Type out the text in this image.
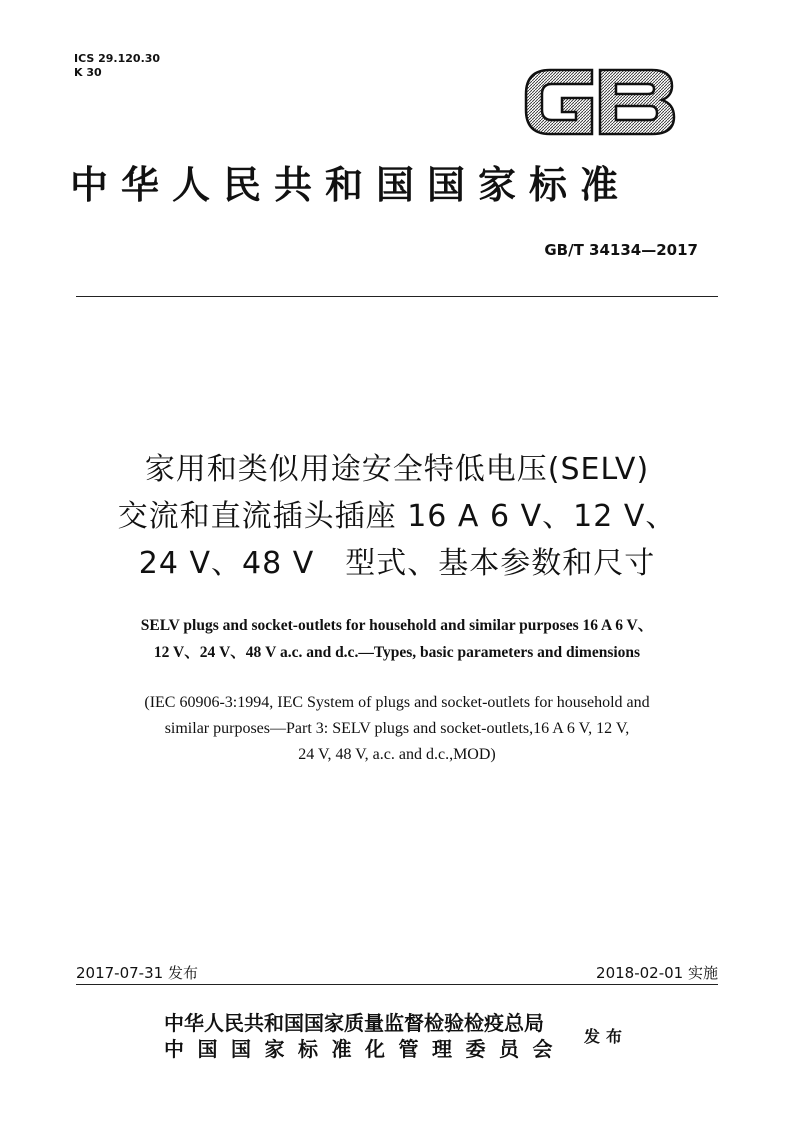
ICS 29.120.30
K 30
GB
中华人民共和国国家标准
GB/T 34134—2017
家用和类似用途安全特低电压(SELV)
交流和直流插头插座 16 A 6 V、12 V、
24 V、48 V　型式、基本参数和尺寸
SELV plugs and socket-outlets for household and similar purposes 16 A 6 V、
12 V、24 V、48 V a.c. and d.c.—Types, basic parameters and dimensions
(IEC 60906-3:1994, IEC System of plugs and socket-outlets for household and
similar purposes—Part 3: SELV plugs and socket-outlets,16 A 6 V, 12 V,
24 V, 48 V, a.c. and d.c.,MOD)
2017-07-31 发布	2018-02-01 实施
中华人民共和国国家质量监督检验检疫总局
中国国家标准化管理委员会
发布
